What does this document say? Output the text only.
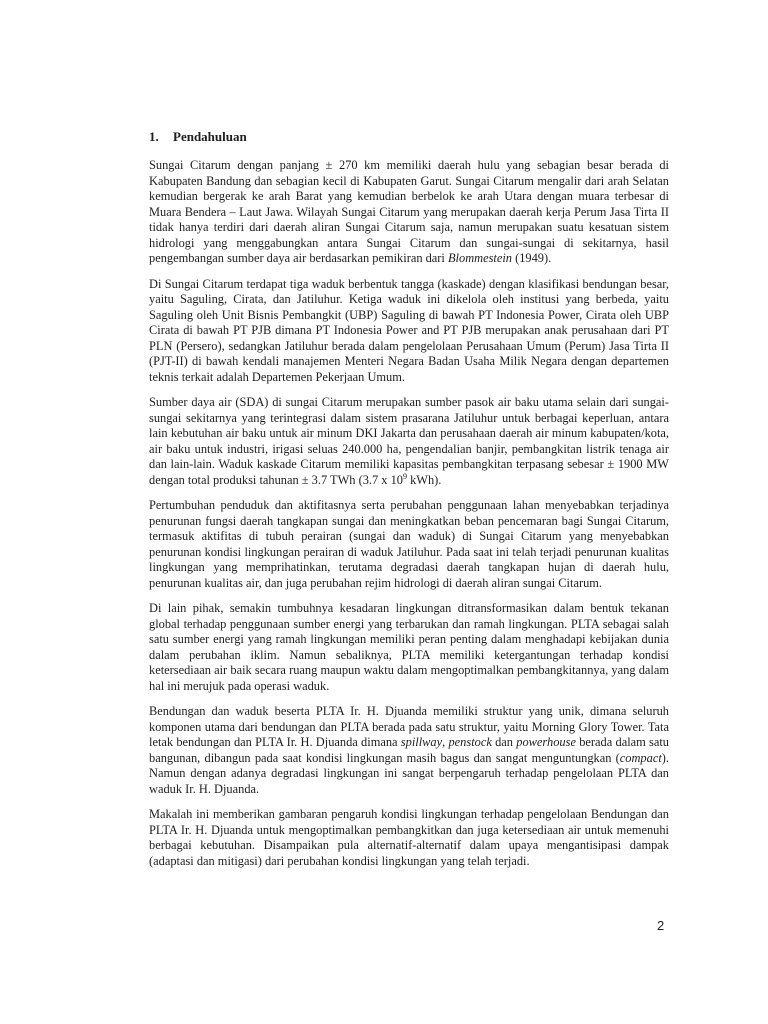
1. Pendahuluan

Sungai Citarum dengan panjang ± 270 km memiliki daerah hulu yang sebagian besar berada di Kabupaten Bandung dan sebagian kecil di Kabupaten Garut. Sungai Citarum mengalir dari arah Selatan kemudian bergerak ke arah Barat yang kemudian berbelok ke arah Utara dengan muara terbesar di Muara Bendera – Laut Jawa. Wilayah Sungai Citarum yang merupakan daerah kerja Perum Jasa Tirta II tidak hanya terdiri dari daerah aliran Sungai Citarum saja, namun merupakan suatu kesatuan sistem hidrologi yang menggabungkan antara Sungai Citarum dan sungai-sungai di sekitarnya, hasil pengembangan sumber daya air berdasarkan pemikiran dari Blommestein (1949).

Di Sungai Citarum terdapat tiga waduk berbentuk tangga (kaskade) dengan klasifikasi bendungan besar, yaitu Saguling, Cirata, dan Jatiluhur. Ketiga waduk ini dikelola oleh institusi yang berbeda, yaitu Saguling oleh Unit Bisnis Pembangkit (UBP) Saguling di bawah PT Indonesia Power, Cirata oleh UBP Cirata di bawah PT PJB dimana PT Indonesia Power and PT PJB merupakan anak perusahaan dari PT PLN (Persero), sedangkan Jatiluhur berada dalam pengelolaan Perusahaan Umum (Perum) Jasa Tirta II (PJT-II) di bawah kendali manajemen Menteri Negara Badan Usaha Milik Negara dengan departemen teknis terkait adalah Departemen Pekerjaan Umum.

Sumber daya air (SDA) di sungai Citarum merupakan sumber pasok air baku utama selain dari sungai-sungai sekitarnya yang terintegrasi dalam sistem prasarana Jatiluhur untuk berbagai keperluan, antara lain kebutuhan air baku untuk air minum DKI Jakarta dan perusahaan daerah air minum kabupaten/kota, air baku untuk industri, irigasi seluas 240.000 ha, pengendalian banjir, pembangkitan listrik tenaga air dan lain-lain. Waduk kaskade Citarum memiliki kapasitas pembangkitan terpasang sebesar ± 1900 MW dengan total produksi tahunan ± 3.7 TWh (3.7 x $10^9$ kWh).

Pertumbuhan penduduk dan aktifitasnya serta perubahan penggunaan lahan menyebabkan terjadinya penurunan fungsi daerah tangkapan sungai dan meningkatkan beban pencemaran bagi Sungai Citarum, termasuk aktifitas di tubuh perairan (sungai dan waduk) di Sungai Citarum yang menyebabkan penurunan kondisi lingkungan perairan di waduk Jatiluhur. Pada saat ini telah terjadi penurunan kualitas lingkungan yang memprihatinkan, terutama degradasi daerah tangkapan hujan di daerah hulu, penurunan kualitas air, dan juga perubahan rejim hidrologi di daerah aliran sungai Citarum.

Di lain pihak, semakin tumbuhnya kesadaran lingkungan ditransformasikan dalam bentuk tekanan global terhadap penggunaan sumber energi yang terbarukan dan ramah lingkungan. PLTA sebagai salah satu sumber energi yang ramah lingkungan memiliki peran penting dalam menghadapi kebijakan dunia dalam perubahan iklim. Namun sebaliknya, PLTA memiliki ketergantungan terhadap kondisi ketersediaan air baik secara ruang maupun waktu dalam mengoptimalkan pembangkitannya, yang dalam hal ini merujuk pada operasi waduk.

Bendungan dan waduk beserta PLTA Ir. H. Djuanda memiliki struktur yang unik, dimana seluruh komponen utama dari bendungan dan PLTA berada pada satu struktur, yaitu Morning Glory Tower. Tata letak bendungan dan PLTA Ir. H. Djuanda dimana spillway, penstock dan powerhouse berada dalam satu bangunan, dibangun pada saat kondisi lingkungan masih bagus dan sangat menguntungkan (compact). Namun dengan adanya degradasi lingkungan ini sangat berpengaruh terhadap pengelolaan PLTA dan waduk Ir. H. Djuanda.

Makalah ini memberikan gambaran pengaruh kondisi lingkungan terhadap pengelolaan Bendungan dan PLTA Ir. H. Djuanda untuk mengoptimalkan pembangkitkan dan juga ketersediaan air untuk memenuhi berbagai kebutuhan. Disampaikan pula alternatif-alternatif dalam upaya mengantisipasi dampak (adaptasi dan mitigasi) dari perubahan kondisi lingkungan yang telah terjadi.

2
